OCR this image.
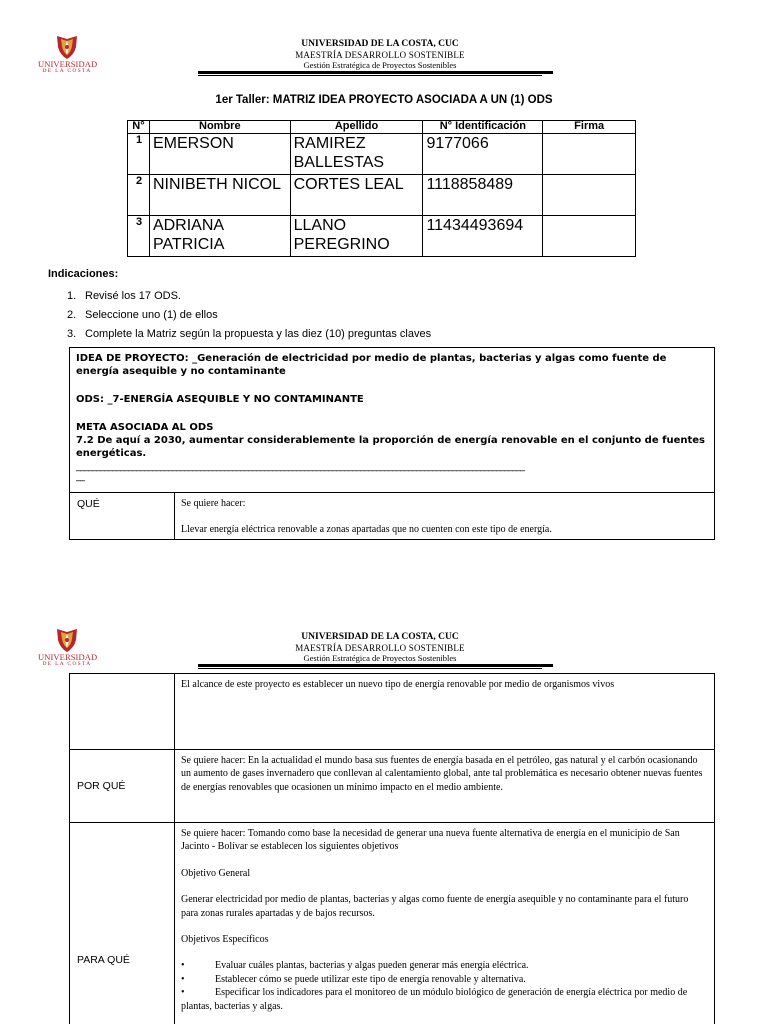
UNIVERSIDAD
DE LA COSTA
UNIVERSIDAD DE LA COSTA, CUC
MAESTRÍA DESARROLLO SOSTENIBLE
Gestión Estratégica de Proyectos Sostenibles
1er Taller: MATRIZ IDEA PROYECTO ASOCIADA A UN (1) ODS
N°	Nombre	Apellido	N° Identificación	Firma
1	EMERSON	RAMIREZ BALLESTAS	9177066	
2	NINIBETH NICOL	CORTES LEAL	1118858489	
3	ADRIANA PATRICIA	LLANO PEREGRINO	11434493694	
Indicaciones:
1. Revisé los 17 ODS.
2. Seleccione uno (1) de ellos
3. Complete la Matriz según la propuesta y las diez (10) preguntas claves

IDEA DE PROYECTO: _Generación de electricidad por medio de plantas, bacterias y algas como fuente de energía asequible y no contaminante

ODS: _7-ENERGÍA ASEQUIBLE Y NO CONTAMINANTE

META ASOCIADA AL ODS

7.2 De aquí a 2030, aumentar considerablemente la proporción de energía renovable en el conjunto de fuentes energéticas.

________________________________________________________________________________________________________________

__

QUÉ	Se quiere hacer:

Llevar energía eléctrica renovable a zonas apartadas que no cuenten con este tipo de energía.

UNIVERSIDAD
DE LA COSTA
UNIVERSIDAD DE LA COSTA, CUC
MAESTRÍA DESARROLLO SOSTENIBLE
Gestión Estratégica de Proyectos Sostenibles

El alcance de este proyecto es establecer un nuevo tipo de energía renovable por medio de organismos vivos

POR QUÉ

Se quiere hacer: En la actualidad el mundo basa sus fuentes de energía basada en el petróleo, gas natural y el carbón ocasionando un aumento de gases invernadero que conllevan al calentamiento global, ante tal problemática es necesario obtener nuevas fuentes de energías renovables que ocasionen un mínimo impacto en el medio ambiente.

PARA QUÉ

Se quiere hacer: Tomando como base la necesidad de generar una nueva fuente alternativa de energía en el municipio de San Jacinto - Bolívar se establecen los siguientes objetivos

Objetivo General

Generar electricidad por medio de plantas, bacterias y algas como fuente de energía asequible y no contaminante para el futuro para zonas rurales apartadas y de bajos recursos.

Objetivos Específicos

•	Evaluar cuáles plantas, bacterias y algas pueden generar más energía eléctrica.
•	Establecer cómo se puede utilizar este tipo de energía renovable y alternativa.
•	Especificar los indicadores para el monitoreo de un módulo biológico de generación de energía eléctrica por medio de plantas, bacterias y algas.
